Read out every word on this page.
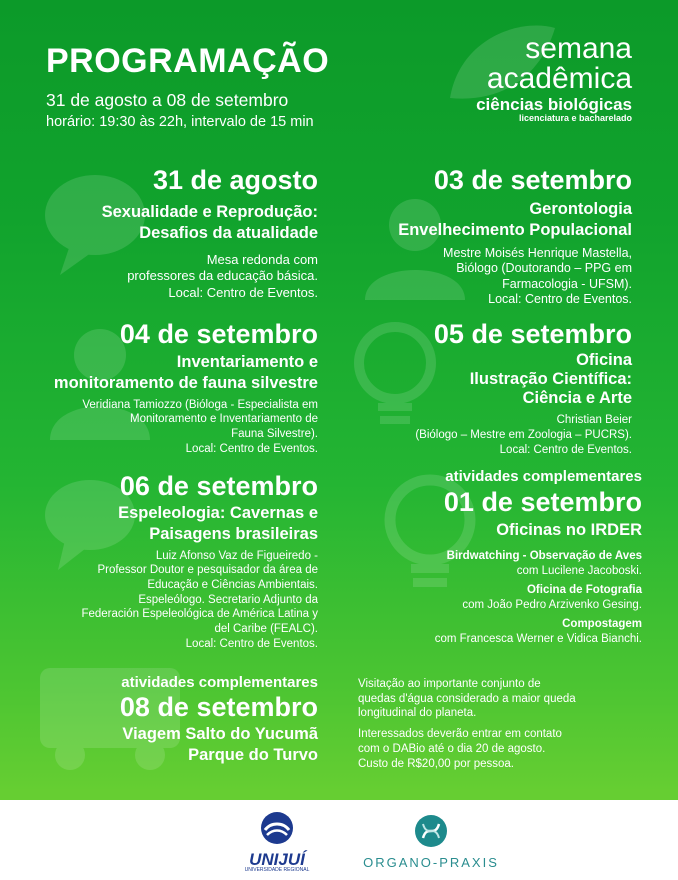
PROGRAMAÇÃO
31 de agosto a 08 de setembro
horário: 19:30 às 22h, intervalo de 15 min
semana
acadêmica
ciências biológicas
licenciatura e bacharelado
31 de agosto
Sexualidade e Reprodução:
Desafios da atualidade
Mesa redonda com
professores da educação básica.
Local: Centro de Eventos.
03 de setembro
Gerontologia
Envelhecimento Populacional
Mestre Moisés Henrique Mastella,
Biólogo (Doutorando – PPG em
Farmacologia - UFSM).
Local: Centro de Eventos.
04 de setembro
Inventariamento e
monitoramento de fauna silvestre
Veridiana Tamiozzo (Bióloga - Especialista em
Monitoramento e Inventariamento de
Fauna Silvestre).
Local: Centro de Eventos.
05 de setembro
Oficina
Ilustração Científica:
Ciência e Arte
Christian Beier
(Biólogo – Mestre em Zoologia – PUCRS).
Local: Centro de Eventos.
06 de setembro
Espeleologia: Cavernas e
Paisagens brasileiras
Luiz Afonso Vaz de Figueiredo -
Professor Doutor e pesquisador da área de
Educação e Ciências Ambientais.
Espeleólogo. Secretario Adjunto da
Federación Espeleológica de América Latina y
del Caribe (FEALC).
Local: Centro de Eventos.
atividades complementares
01 de setembro
Oficinas no IRDER
Birdwatching - Observação de Aves
com Lucilene Jacoboski.
Oficina de Fotografia
com João Pedro Arzivenko Gesing.
Compostagem
com Francesca Werner e Vidica Bianchi.
atividades complementares
08 de setembro
Viagem Salto do Yucumã
Parque do Turvo
Visitação ao importante conjunto de
quedas d'água considerado a maior queda
longitudinal do planeta.
Interessados deverão entrar em contato
com o DABio até o dia 20 de agosto.
Custo de R$20,00 por pessoa.
UNIJUÍ
UNIVERSIDADE REGIONAL	ORGANO-PRAXIS
